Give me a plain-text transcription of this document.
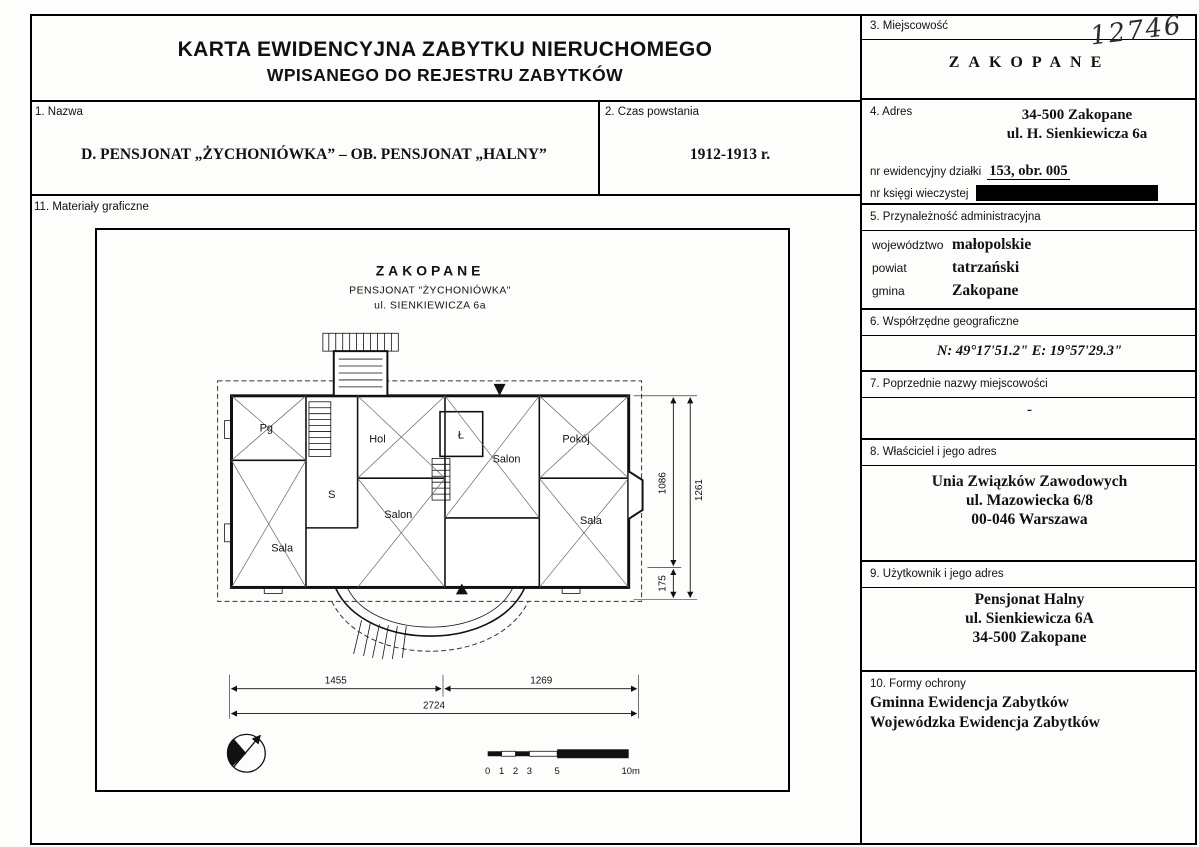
KARTA EWIDENCYJNA ZABYTKU NIERUCHOMEGO
WPISANEGO DO REJESTRU ZABYTKÓW
1. Nazwa
D. PENSJONAT „ŻYCHONIÓWKA” – OB. PENSJONAT „HALNY”
2. Czas powstania
1912-1913 r.
11. Materiały graficzne
ZAKOPANE
PENSJONAT "ŻYCHONIÓWKA"
ul. SIENKIEWICZA 6a
Pg
Hol	Ł
Salon
Pokój
S
Salon	Sala
Sala
1086
175
1261
1455	1269
2724
0 1 2 3 5	10m
3. Miejscowość
ZAKOPANE
12746
4. Adres	34-500 Zakopane
ul. H. Sienkiewicza 6a
nr ewidencyjny działki 153, obr. 005
nr księgi wieczystej
5. Przynależność administracyjna
województwo małopolskie
powiat	tatrzański
gmina	Zakopane
6. Współrzędne geograficzne
N: 49°17'51.2" E: 19°57'29.3"
7. Poprzednie nazwy miejscowości
-
8. Właściciel i jego adres
Unia Związków Zawodowych
ul. Mazowiecka 6/8
00-046 Warszawa
9. Użytkownik i jego adres
Pensjonat Halny
ul. Sienkiewicza 6A
34-500 Zakopane
10. Formy ochrony
Gminna Ewidencja Zabytków
Wojewódzka Ewidencja Zabytków
